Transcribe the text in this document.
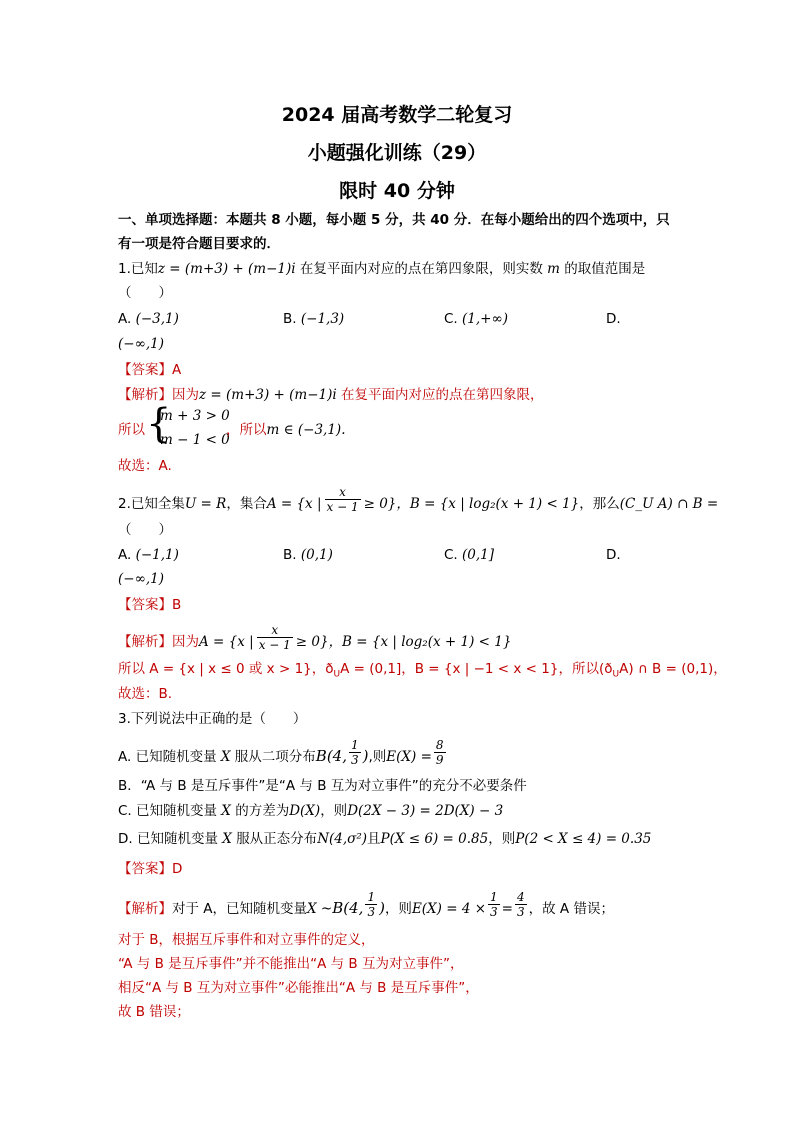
2024 届高考数学二轮复习
小题强化训练（29）
限时 40 分钟
一、单项选择题：本题共 8 小题，每小题 5 分，共 40 分．在每小题给出的四个选项中，只
有一项是符合题目要求的．
1.已知z = (m+3) + (m−1)i 在复平面内对应的点在第四象限，则实数 m 的取值范围是
（　　）
A. (−3,1)	B. (−1,3)	C. (1,+∞)	D.
(−∞,1)
【答案】A
【解析】因为z = (m+3) + (m−1)i 在复平面内对应的点在第四象限，
所以 {
m + 3 > 0
m − 1 < 0
，所以m ∈ (−3,1).
故选：A.
2.已知全集U = R，集合A = {x | $\frac{x}{x - 1} \ge 0$}，B = {x | log₂(x + 1) < 1}，那么(C_U A) ∩ B =
（　　）
A. (−1,1)	B. (0,1)	C. (0,1]	D.
(−∞,1)
【答案】B
【解析】因为A = {x | $\frac{x}{x - 1} \ge 0$}，B = {x | log₂(x + 1) < 1}
所以 A = {x | x ≤ 0 或 x > 1}，$ð_UA = (0,1]$，B = {x | −1 < x < 1}，所以$(ð_UA)$ ∩ B = (0,1)，
故选：B.
3.下列说法中正确的是（　　）
A. 已知随机变量 X 服从二项分布B(4, $\frac{1}{3}$ ),则$E(X) = \frac{8}{9}$
B．“A 与 B 是互斥事件”是“A 与 B 互为对立事件”的充分不必要条件
C. 已知随机变量 X 的方差为D(X)，则D(2X − 3) = 2D(X) − 3
D. 已知随机变量 X 服从正态分布N(4,σ²)且P(X ≤ 6) = 0.85，则P(2 < X ≤ 4) = 0.35
【答案】D
【解析】对于 A，已知随机变量X ~B(4, $\frac{1}{3}$ )，则$E(X) = 4 \times \frac{1}{3} = \frac{4}{3}$ ，故 A 错误；
对于 B，根据互斥事件和对立事件的定义，
“A 与 B 是互斥事件”并不能推出“A 与 B 互为对立事件”，
相反“A 与 B 互为对立事件”必能推出“A 与 B 是互斥事件”，
故 B 错误；
